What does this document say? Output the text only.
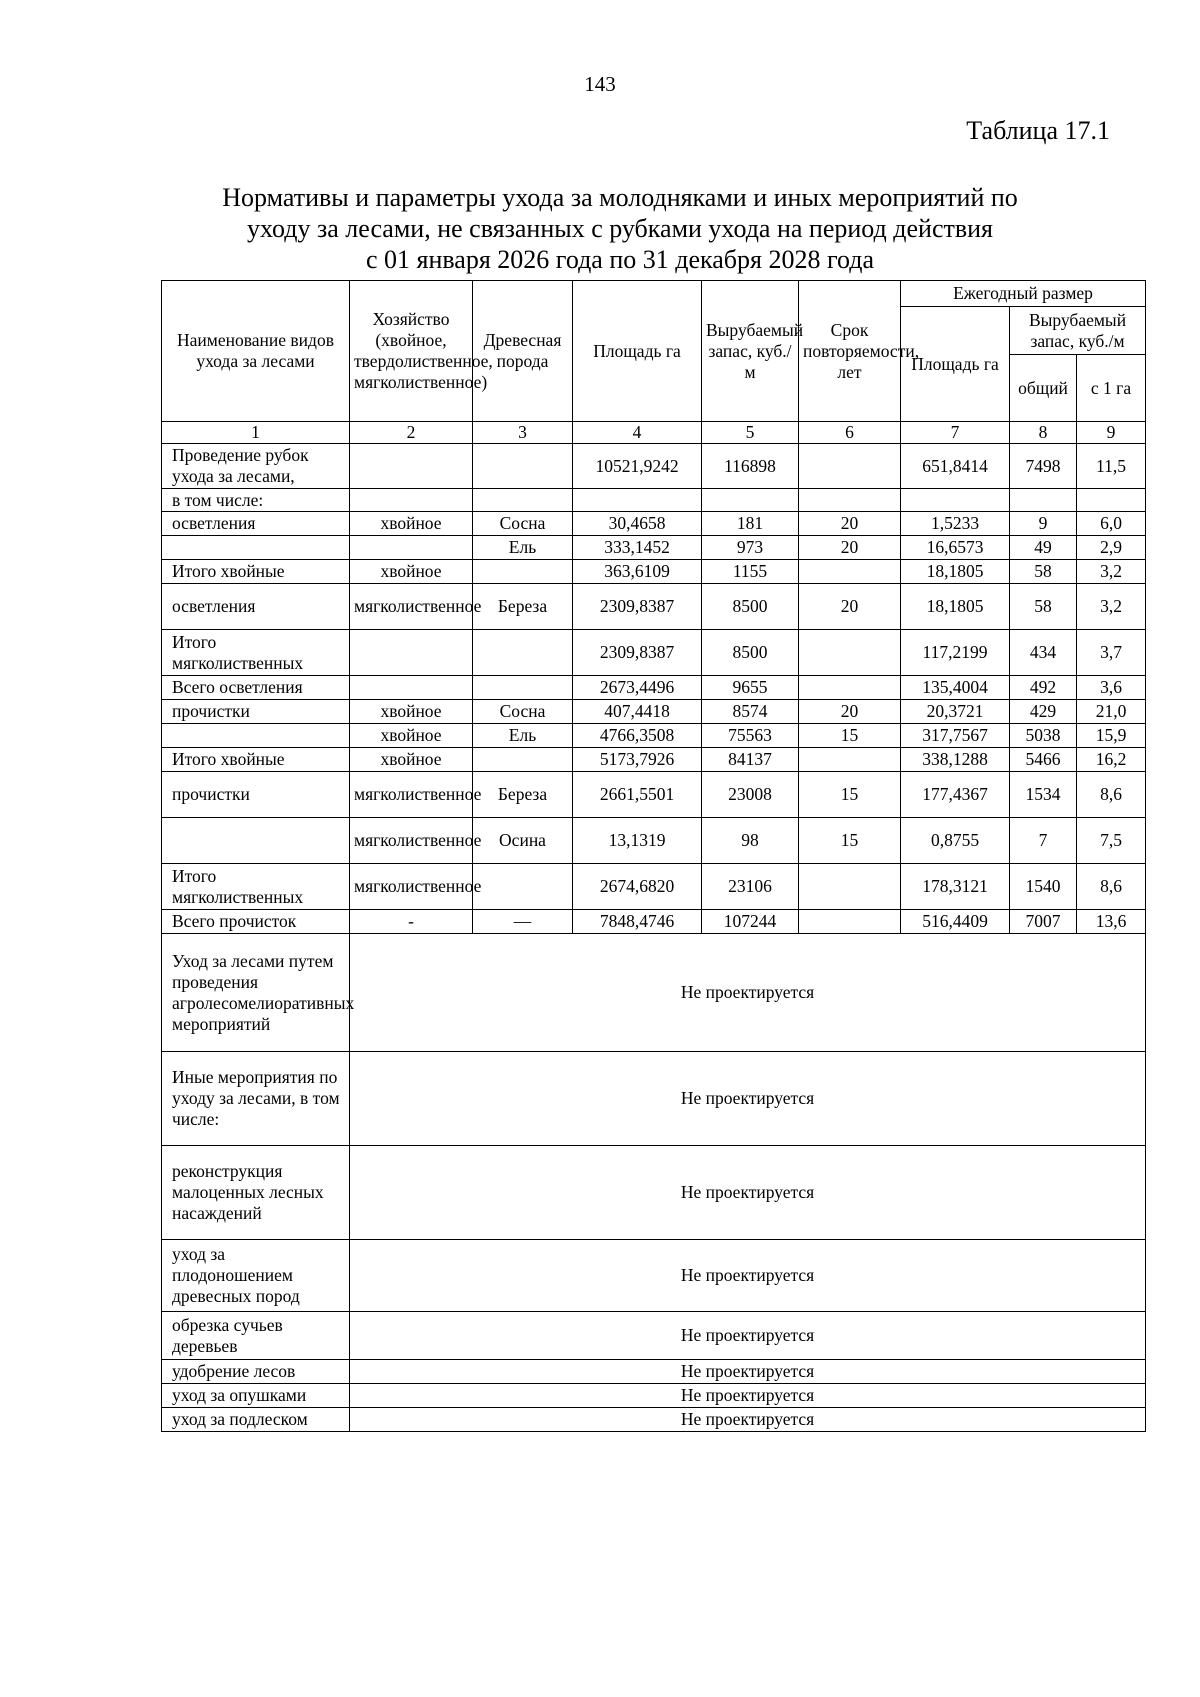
143
Таблица 17.1
Нормативы и параметры ухода за молодняками и иных мероприятий по
уходу за лесами, не связанных с рубками ухода на период действия
с 01 января 2026 года по 31 декабря 2028 года
Наименование видов ухода за лесами	Хозяйство (хвойное, твердолиственное, мягколиственное)	Древесная порода	Площадь га	Вырубаемый запас, куб./м	Срок повторяемости, лет	Ежегодный размер		
						Площадь га	Вырубаемый запас, куб./м	
							общий	с 1 га
1	2	3	4	5	6	7	8	9
Проведение рубок ухода за лесами,			10521,9242	116898		651,8414	7498	11,5
в том числе:								
осветления	хвойное	Сосна	30,4658	181	20	1,5233	9	6,0
		Ель	333,1452	973	20	16,6573	49	2,9
Итого хвойные	хвойное		363,6109	1155		18,1805	58	3,2
осветления	мягколиственное	Береза	2309,8387	8500	20	18,1805	58	3,2
Итого мягколиственных			2309,8387	8500		117,2199	434	3,7
Всего осветления			2673,4496	9655		135,4004	492	3,6
прочистки	хвойное	Сосна	407,4418	8574	20	20,3721	429	21,0
	хвойное	Ель	4766,3508	75563	15	317,7567	5038	15,9
Итого хвойные	хвойное		5173,7926	84137		338,1288	5466	16,2
прочистки	мягколиственное	Береза	2661,5501	23008	15	177,4367	1534	8,6
	мягколиственное	Осина	13,1319	98	15	0,8755	7	7,5
Итого мягколиственных	мягколиственное		2674,6820	23106		178,3121	1540	8,6
Всего прочисток	-	—	7848,4746	107244		516,4409	7007	13,6
Уход за лесами путем проведения агролесомелиоративных мероприятий	Не проектируется							
Иные мероприятия по уходу за лесами, в том числе:	Не проектируется							
реконструкция малоценных лесных насаждений	Не проектируется							
уход за плодоношением древесных пород	Не проектируется							
обрезка сучьев деревьев	Не проектируется							
удобрение лесов	Не проектируется							
уход за опушками	Не проектируется							
уход за подлеском	Не проектируется							
